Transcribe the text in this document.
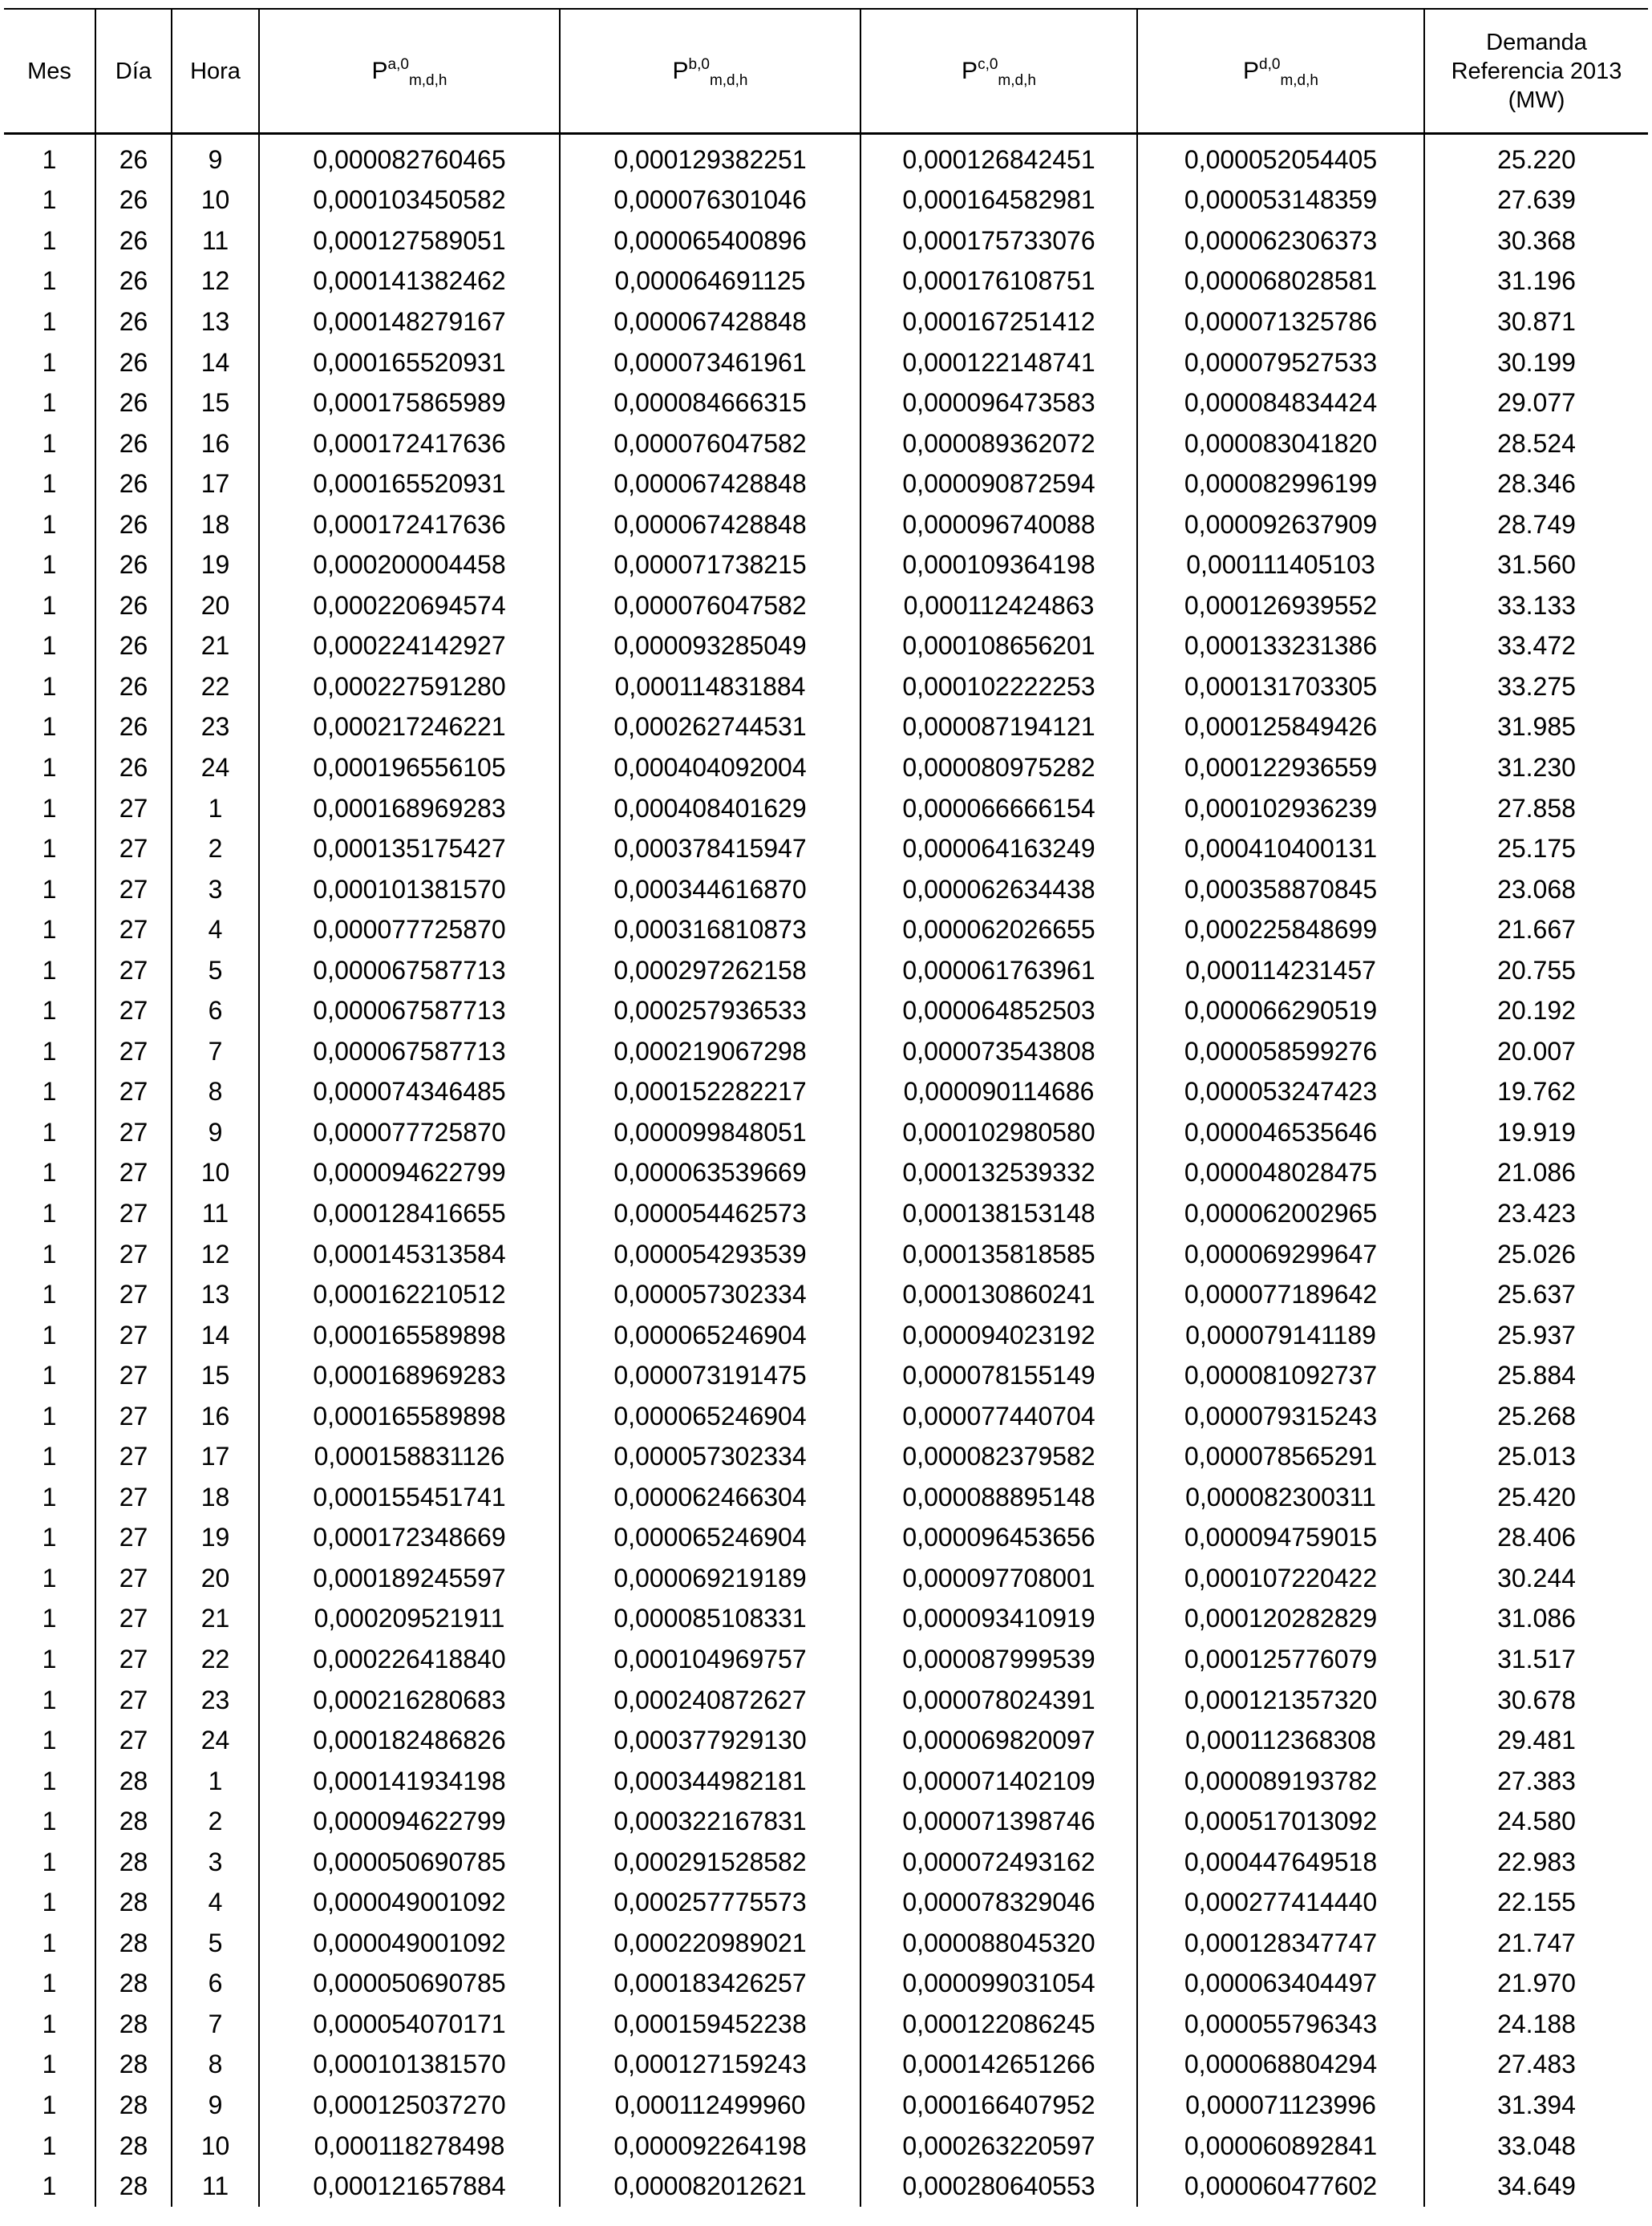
Mes	Día	Hora	P$^{a,0}_{m,d,h}$	P$^{b,0}_{m,d,h}$	P$^{c,0}_{m,d,h}$	P$^{d,0}_{m,d,h}$	Demanda
Referencia 2013
(MW)
1	26	9	0,000082760465	0,000129382251	0,000126842451	0,000052054405	25.220
1	26	10	0,000103450582	0,000076301046	0,000164582981	0,000053148359	27.639
1	26	11	0,000127589051	0,000065400896	0,000175733076	0,000062306373	30.368
1	26	12	0,000141382462	0,000064691125	0,000176108751	0,000068028581	31.196
1	26	13	0,000148279167	0,000067428848	0,000167251412	0,000071325786	30.871
1	26	14	0,000165520931	0,000073461961	0,000122148741	0,000079527533	30.199
1	26	15	0,000175865989	0,000084666315	0,000096473583	0,000084834424	29.077
1	26	16	0,000172417636	0,000076047582	0,000089362072	0,000083041820	28.524
1	26	17	0,000165520931	0,000067428848	0,000090872594	0,000082996199	28.346
1	26	18	0,000172417636	0,000067428848	0,000096740088	0,000092637909	28.749
1	26	19	0,000200004458	0,000071738215	0,000109364198	0,000111405103	31.560
1	26	20	0,000220694574	0,000076047582	0,000112424863	0,000126939552	33.133
1	26	21	0,000224142927	0,000093285049	0,000108656201	0,000133231386	33.472
1	26	22	0,000227591280	0,000114831884	0,000102222253	0,000131703305	33.275
1	26	23	0,000217246221	0,000262744531	0,000087194121	0,000125849426	31.985
1	26	24	0,000196556105	0,000404092004	0,000080975282	0,000122936559	31.230
1	27	1	0,000168969283	0,000408401629	0,000066666154	0,000102936239	27.858
1	27	2	0,000135175427	0,000378415947	0,000064163249	0,000410400131	25.175
1	27	3	0,000101381570	0,000344616870	0,000062634438	0,000358870845	23.068
1	27	4	0,000077725870	0,000316810873	0,000062026655	0,000225848699	21.667
1	27	5	0,000067587713	0,000297262158	0,000061763961	0,000114231457	20.755
1	27	6	0,000067587713	0,000257936533	0,000064852503	0,000066290519	20.192
1	27	7	0,000067587713	0,000219067298	0,000073543808	0,000058599276	20.007
1	27	8	0,000074346485	0,000152282217	0,000090114686	0,000053247423	19.762
1	27	9	0,000077725870	0,000099848051	0,000102980580	0,000046535646	19.919
1	27	10	0,000094622799	0,000063539669	0,000132539332	0,000048028475	21.086
1	27	11	0,000128416655	0,000054462573	0,000138153148	0,000062002965	23.423
1	27	12	0,000145313584	0,000054293539	0,000135818585	0,000069299647	25.026
1	27	13	0,000162210512	0,000057302334	0,000130860241	0,000077189642	25.637
1	27	14	0,000165589898	0,000065246904	0,000094023192	0,000079141189	25.937
1	27	15	0,000168969283	0,000073191475	0,000078155149	0,000081092737	25.884
1	27	16	0,000165589898	0,000065246904	0,000077440704	0,000079315243	25.268
1	27	17	0,000158831126	0,000057302334	0,000082379582	0,000078565291	25.013
1	27	18	0,000155451741	0,000062466304	0,000088895148	0,000082300311	25.420
1	27	19	0,000172348669	0,000065246904	0,000096453656	0,000094759015	28.406
1	27	20	0,000189245597	0,000069219189	0,000097708001	0,000107220422	30.244
1	27	21	0,000209521911	0,000085108331	0,000093410919	0,000120282829	31.086
1	27	22	0,000226418840	0,000104969757	0,000087999539	0,000125776079	31.517
1	27	23	0,000216280683	0,000240872627	0,000078024391	0,000121357320	30.678
1	27	24	0,000182486826	0,000377929130	0,000069820097	0,000112368308	29.481
1	28	1	0,000141934198	0,000344982181	0,000071402109	0,000089193782	27.383
1	28	2	0,000094622799	0,000322167831	0,000071398746	0,000517013092	24.580
1	28	3	0,000050690785	0,000291528582	0,000072493162	0,000447649518	22.983
1	28	4	0,000049001092	0,000257775573	0,000078329046	0,000277414440	22.155
1	28	5	0,000049001092	0,000220989021	0,000088045320	0,000128347747	21.747
1	28	6	0,000050690785	0,000183426257	0,000099031054	0,000063404497	21.970
1	28	7	0,000054070171	0,000159452238	0,000122086245	0,000055796343	24.188
1	28	8	0,000101381570	0,000127159243	0,000142651266	0,000068804294	27.483
1	28	9	0,000125037270	0,000112499960	0,000166407952	0,000071123996	31.394
1	28	10	0,000118278498	0,000092264198	0,000263220597	0,000060892841	33.048
1	28	11	0,000121657884	0,000082012621	0,000280640553	0,000060477602	34.649
